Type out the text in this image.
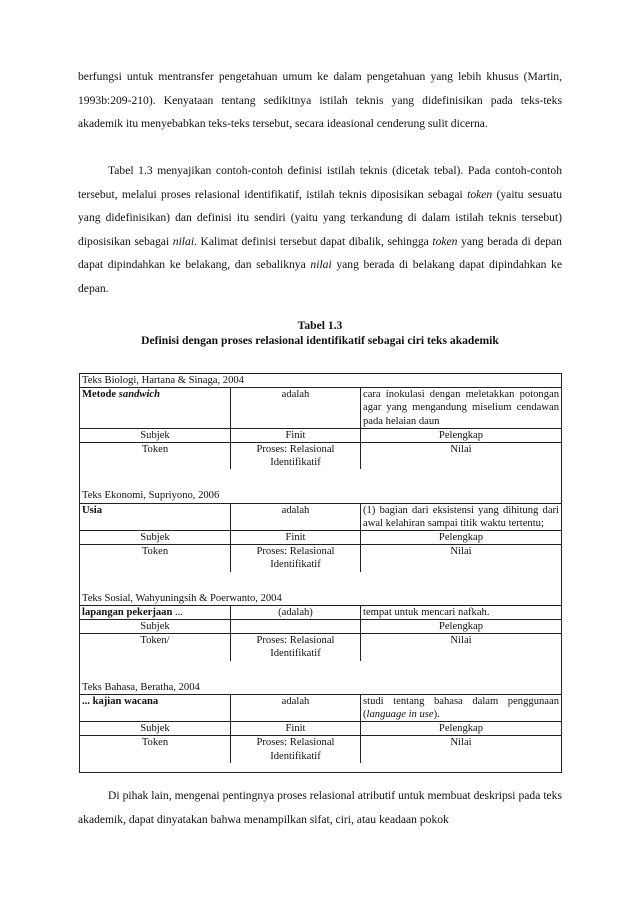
berfungsi untuk mentransfer pengetahuan umum ke dalam pengetahuan yang lebih khusus (Martin, 1993b:209-210). Kenyataan tentang sedikitnya istilah teknis yang didefinisikan pada teks-teks akademik itu menyebabkan teks-teks tersebut, secara ideasional cenderung sulit dicerna.

Tabel 1.3 menyajikan contoh-contoh definisi istilah teknis (dicetak tebal). Pada contoh-contoh tersebut, melalui proses relasional identifikatif, istilah teknis diposisikan sebagai token (yaitu sesuatu yang didefinisikan) dan definisi itu sendiri (yaitu yang terkandung di dalam istilah teknis tersebut) diposisikan sebagai nilai. Kalimat definisi tersebut dapat dibalik, sehingga token yang berada di depan dapat dipindahkan ke belakang, dan sebaliknya nilai yang berada di belakang dapat dipindahkan ke depan.

Tabel 1.3
Definisi dengan proses relasional identifikatif sebagai ciri teks akademik
Teks Biologi, Hartana & Sinaga, 2004		
Metode sandwich	adalah	cara inokulasi dengan meletakkan potongan agar yang mengandung miselium cendawan pada helaian daun
Subjek	Finit	Pelengkap
Token	Proses: Relasional Identifikatif	Nilai

Teks Ekonomi, Supriyono, 2006		
Usia	adalah	(1) bagian dari eksistensi yang dihitung dari awal kelahiran sampai titik waktu tertentu;
Subjek	Finit	Pelengkap
Token	Proses: Relasional Identifikatif	Nilai

Teks Sosial, Wahyuningsih & Poerwanto, 2004		
lapangan pekerjaan ...	(adalah)	tempat untuk mencari nafkah.
Subjek		Pelengkap
Token/	Proses: Relasional Identifikatif	Nilai

Teks Bahasa, Beratha, 2004		
... kajian wacana	adalah	studi tentang bahasa dalam penggunaan (language in use).
Subjek	Finit	Pelengkap
Token	Proses: Relasional Identifikatif	Nilai

Di pihak lain, mengenai pentingnya proses relasional atributif untuk membuat deskripsi pada teks akademik, dapat dinyatakan bahwa menampilkan sifat, ciri, atau keadaan pokok
